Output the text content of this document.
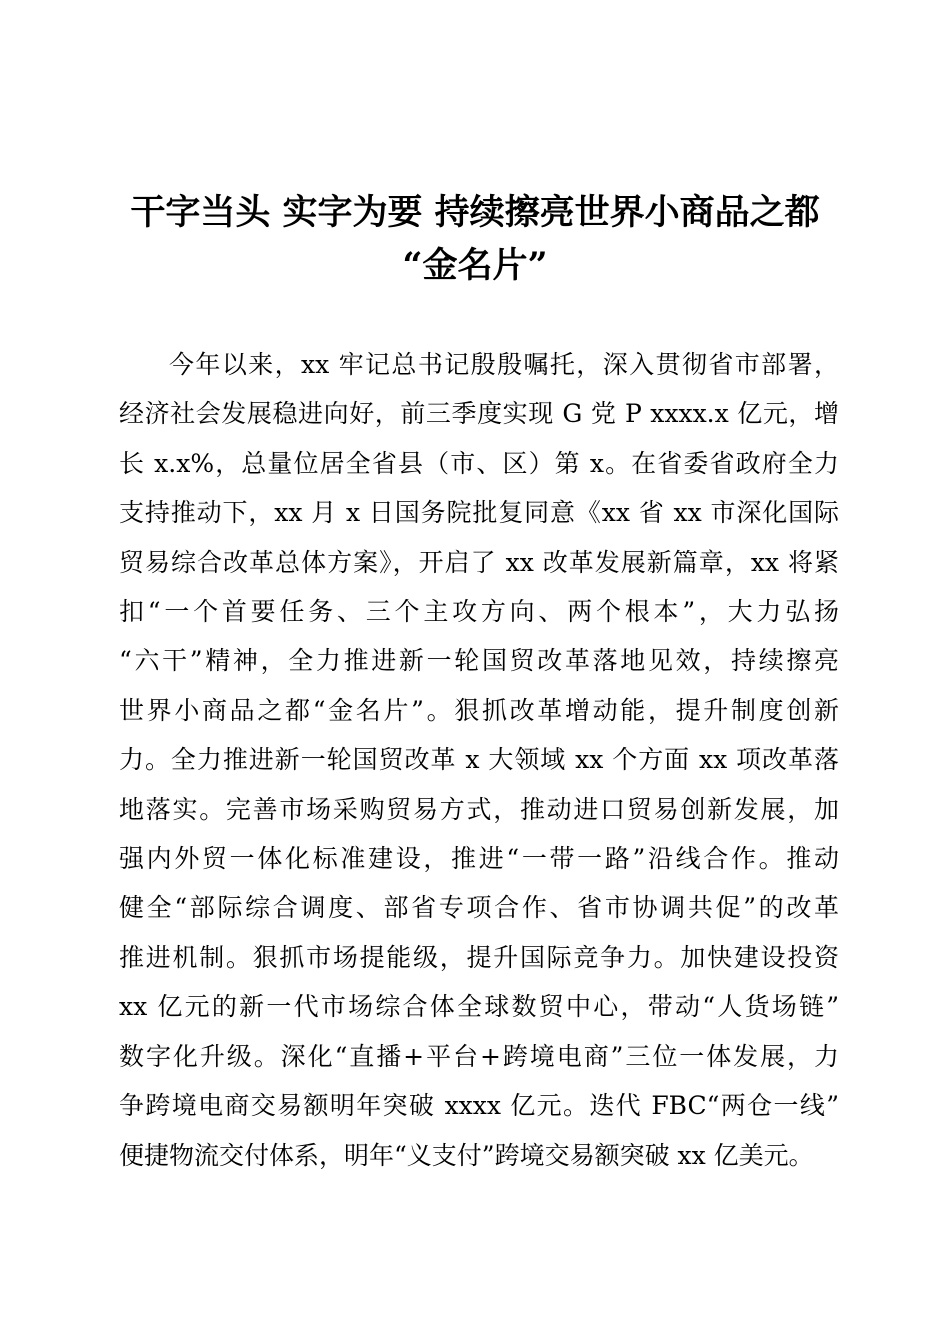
干字当头 实字为要 持续擦亮世界小商品之都
“金名片”
今年以来，xx 牢记总书记殷殷嘱托，深入贯彻省市部署，
经济社会发展稳进向好，前三季度实现 G 党 P xxxx.x 亿元，增
长 x.x%，总量位居全省县（市、区）第 x。在省委省政府全力
支持推动下，xx 月 x 日国务院批复同意《xx 省 xx 市深化国际
贸易综合改革总体方案》，开启了 xx 改革发展新篇章，xx 将紧
扣“一个首要任务、三个主攻方向、两个根本”，大力弘扬
“六干”精神，全力推进新一轮国贸改革落地见效，持续擦亮
世界小商品之都“金名片”。狠抓改革增动能，提升制度创新
力。全力推进新一轮国贸改革 x 大领域 xx 个方面 xx 项改革落
地落实。完善市场采购贸易方式，推动进口贸易创新发展，加
强内外贸一体化标准建设，推进“一带一路”沿线合作。推动
健全“部际综合调度、部省专项合作、省市协调共促”的改革
推进机制。狠抓市场提能级，提升国际竞争力。加快建设投资
xx 亿元的新一代市场综合体全球数贸中心，带动“人货场链”
数字化升级。深化“直播+平台+跨境电商”三位一体发展，力
争跨境电商交易额明年突破 xxxx 亿元。迭代 FBC“两仓一线”
便捷物流交付体系，明年“义支付”跨境交易额突破 xx 亿美元。
